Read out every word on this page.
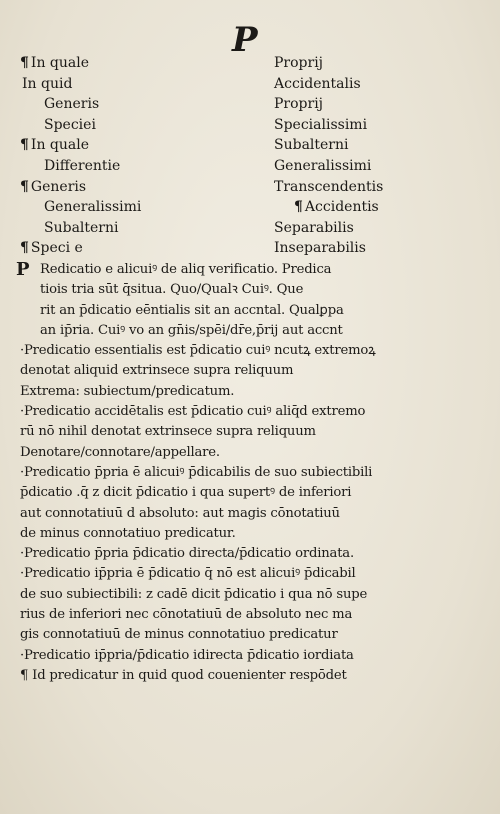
P
¶ In quale
In quid
Generis
Speciei
¶ In quale
Differentie
¶ Generis
Generalissimi
Subalterni
¶ Speci e
Proprij
Accidentalis
Proprij
Specialissimi
Subalterni
Generalissimi
Transcendentis
¶ Accidentis
Separabilis
Inseparabilis
P Redicatio e alicuiꝰ de aliq verificatio. Predica
tiois tria sūt q̄situa. Quo/Qualꝛ Cuiꝰ. Que
rit an p̄dicatio eēntialis sit an accntal. Qualꝑpa
an ip̄ria. Cuiꝰ vo an gn̄is/spēi/dr̄e,p̄rij aut accnt
·Predicatio essentialis est p̄dicatio cuiꝰ ncutꝝ extremoꝝ
denotat aliquid extrinsece supra reliquum
Extrema: subiectum/predicatum.
·Predicatio accidētalis est p̄dicatio cuiꝰ aliq̄d extremo
rū nō nihil denotat extrinsece supra reliquum
Denotare/connotare/appellare.
·Predicatio p̄pria ē alicuiꝰ p̄dicabilis de suo subiectibili
p̄dicatio .q̄ z dicit p̄dicatio i qua supertꝰ de inferiori
aut connotatiuū d absoluto: aut magis cōnotatiuū
de minus connotatiuo predicatur.
·Predicatio p̄pria p̄dicatio directa/p̄dicatio ordinata.
·Predicatio ip̄pria ē p̄dicatio q̄ nō est alicuiꝰ p̄dicabil
de suo subiectibili: z cadē dicit p̄dicatio i qua nō supe
rius de inferiori nec cōnotatiuū de absoluto nec ma
gis connotatiuū de minus connotatiuo predicatur
·Predicatio ip̄pria/p̄dicatio idirecta p̄dicatio iordiata
¶ Id predicatur in quid quod couenienter respōdet
